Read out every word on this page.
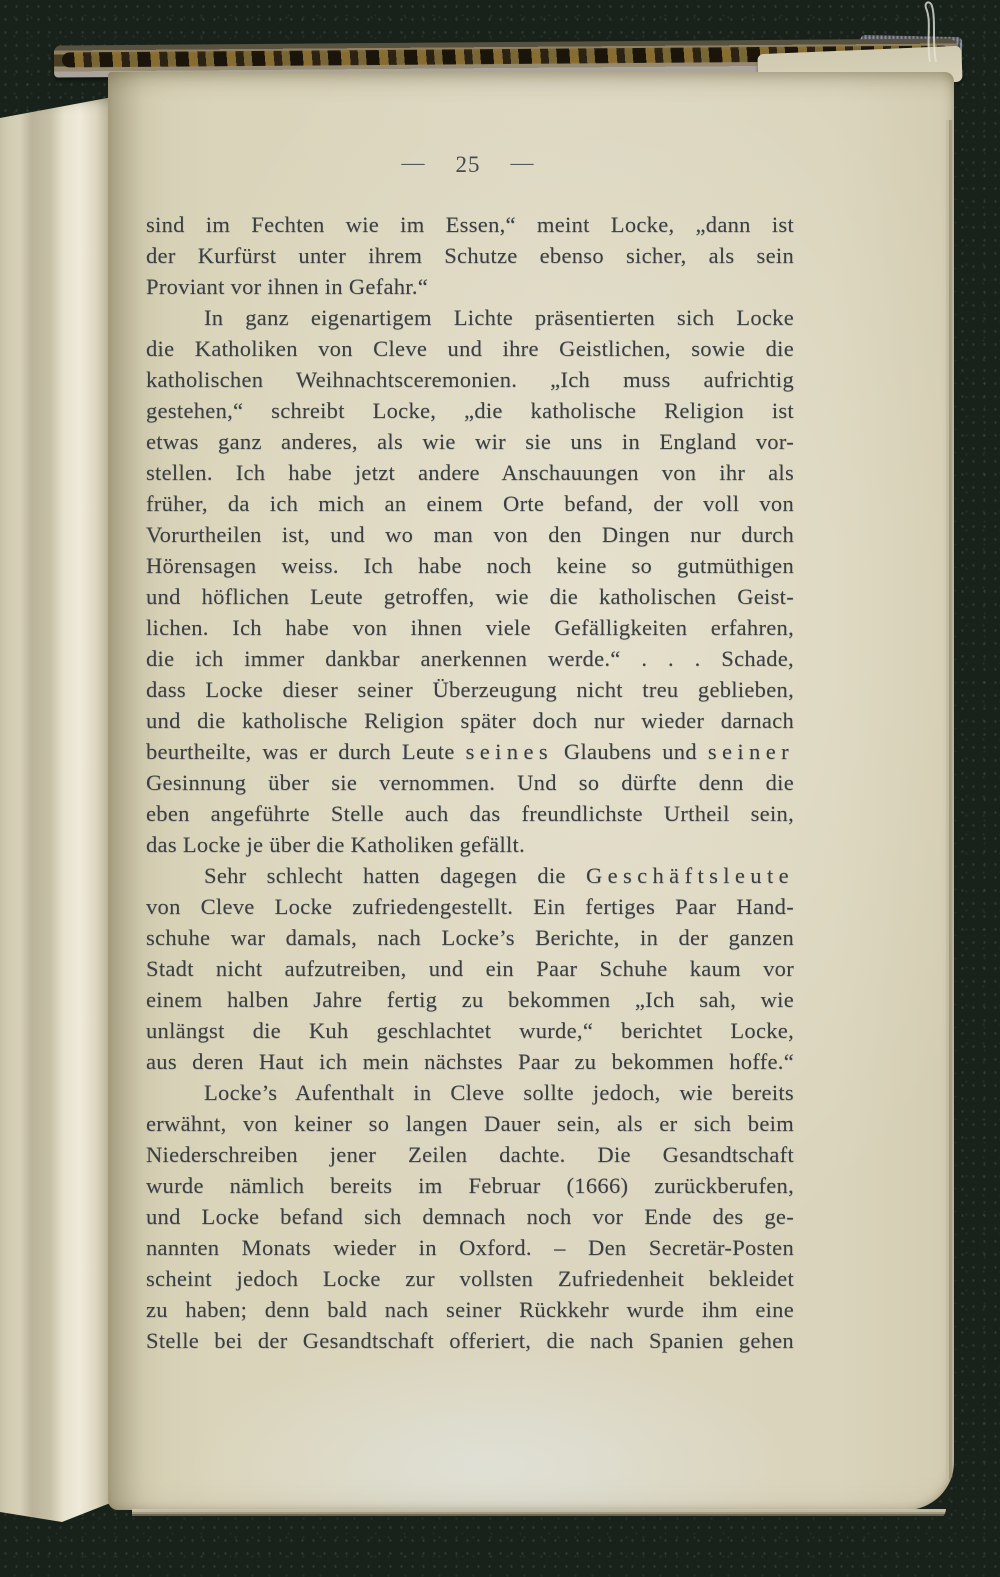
— 25 —
sind im Fechten wie im Essen,“ meint Locke, „dann ist
der Kurfürst unter ihrem Schutze ebenso sicher, als sein
Proviant vor ihnen in Gefahr.“
In ganz eigenartigem Lichte präsentierten sich Locke
die Katholiken von Cleve und ihre Geistlichen, sowie die
katholischen Weihnachtsceremonien. „Ich muss aufrichtig
gestehen,“ schreibt Locke, „die katholische Religion ist
etwas ganz anderes, als wie wir sie uns in England vor-
stellen. Ich habe jetzt andere Anschauungen von ihr als
früher, da ich mich an einem Orte befand, der voll von
Vorurtheilen ist, und wo man von den Dingen nur durch
Hörensagen weiss. Ich habe noch keine so gutmüthigen
und höflichen Leute getroffen, wie die katholischen Geist-
lichen. Ich habe von ihnen viele Gefälligkeiten erfahren,
die ich immer dankbar anerkennen werde.“ . . . Schade,
dass Locke dieser seiner Überzeugung nicht treu geblieben,
und die katholische Religion später doch nur wieder darnach
beurtheilte, was er durch Leute seines Glaubens und seiner
Gesinnung über sie vernommen. Und so dürfte denn die
eben angeführte Stelle auch das freundlichste Urtheil sein,
das Locke je über die Katholiken gefällt.
Sehr schlecht hatten dagegen die Geschäftsleute
von Cleve Locke zufriedengestellt. Ein fertiges Paar Hand-
schuhe war damals, nach Locke’s Berichte, in der ganzen
Stadt nicht aufzutreiben, und ein Paar Schuhe kaum vor
einem halben Jahre fertig zu bekommen „Ich sah, wie
unlängst die Kuh geschlachtet wurde,“ berichtet Locke,
aus deren Haut ich mein nächstes Paar zu bekommen hoffe.“
Locke’s Aufenthalt in Cleve sollte jedoch, wie bereits
erwähnt, von keiner so langen Dauer sein, als er sich beim
Niederschreiben jener Zeilen dachte. Die Gesandtschaft
wurde nämlich bereits im Februar (1666) zurückberufen,
und Locke befand sich demnach noch vor Ende des ge-
nannten Monats wieder in Oxford. – Den Secretär-Posten
scheint jedoch Locke zur vollsten Zufriedenheit bekleidet
zu haben; denn bald nach seiner Rückkehr wurde ihm eine
Stelle bei der Gesandtschaft offeriert, die nach Spanien gehen
